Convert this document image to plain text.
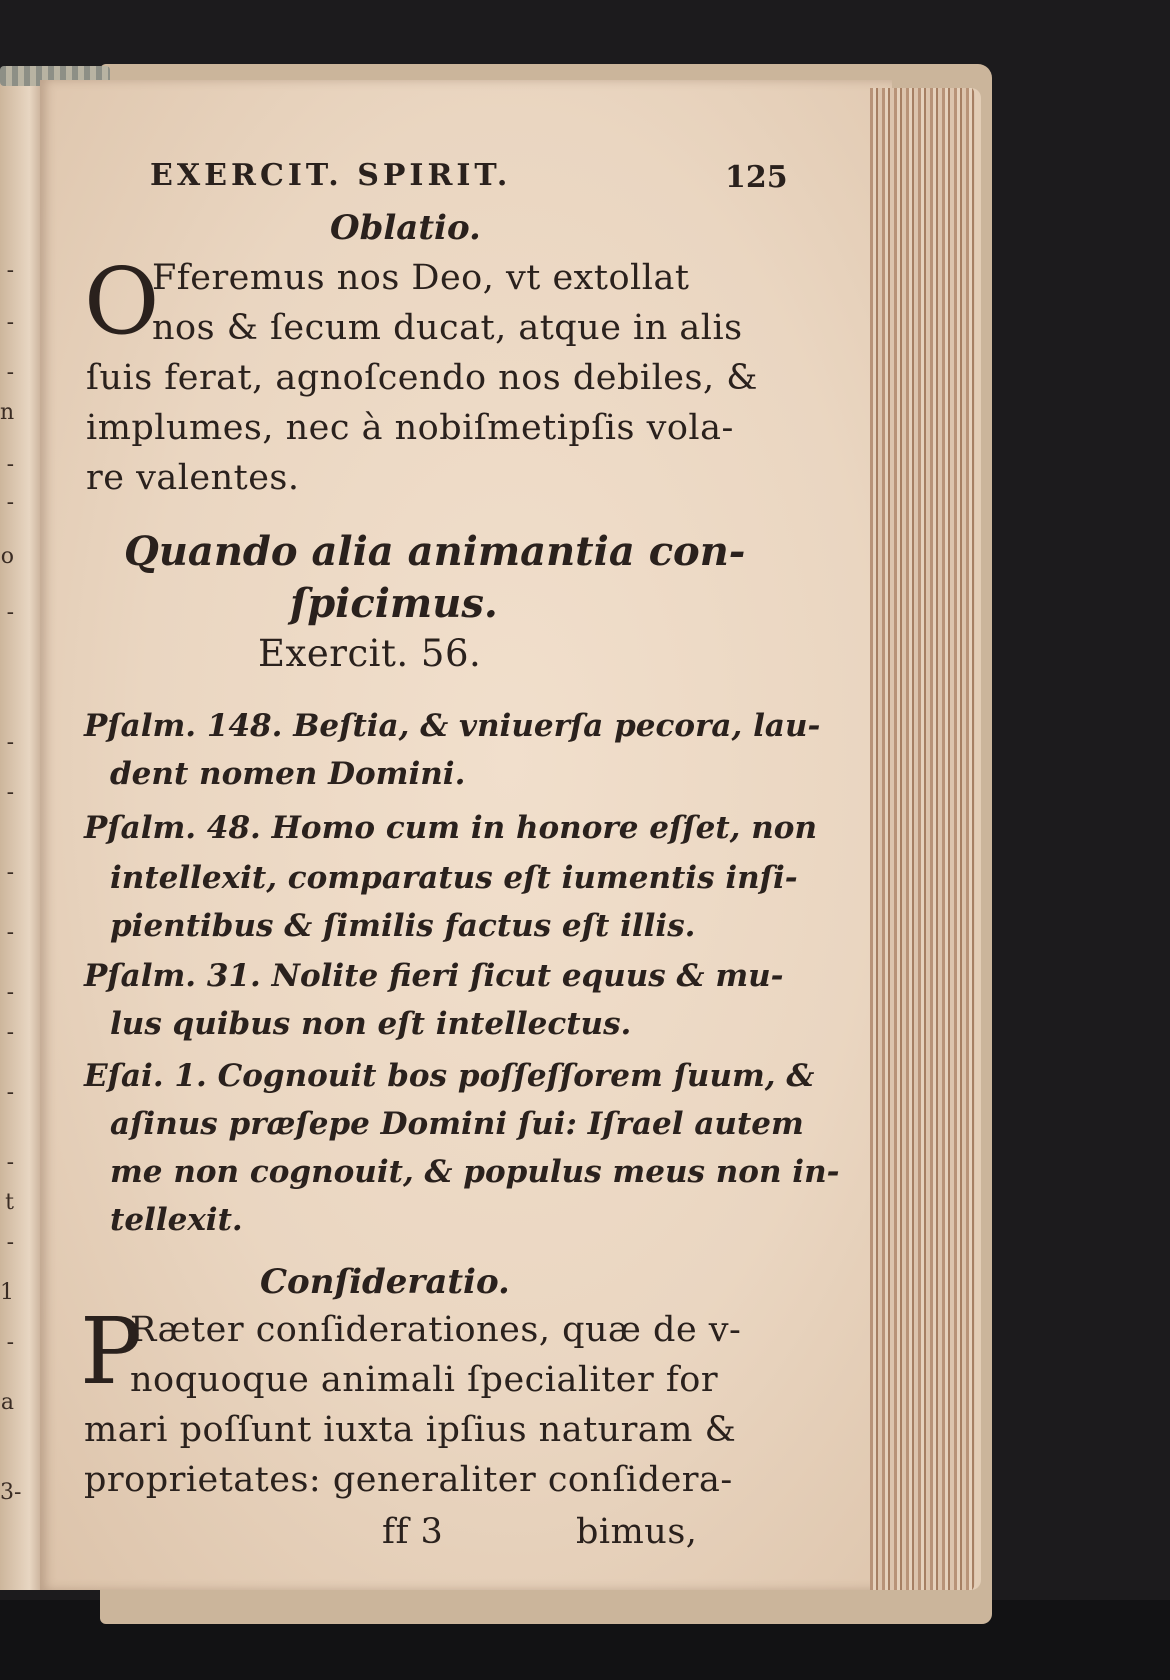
-
-
-
n
-
-
o
-
-
-
-
-
-
-
-
-
t
-
1
-
a
3-
EXERCIT. SPIRIT.	125
Oblatio.
O
Fferemus nos Deo, vt extollat
nos & ſecum ducat, atque in alis
ſuis ferat, agnoſcendo nos debiles, &
implumes, nec à nobiſmetipſis vola-
re valentes.
Quando alia animantia con-
ſpicimus.
Exercit. 56.
Pſalm. 148. Beſtia, & vniuerſa pecora, lau-
dent nomen Domini.
Pſalm. 48. Homo cum in honore eſſet, non
intellexit, comparatus eſt iumentis inſi-
pientibus & ſimilis factus eſt illis.
Pſalm. 31. Nolite fieri ſicut equus & mu-
lus quibus non eſt intellectus.
Eſai. 1. Cognouit bos poſſeſſorem ſuum, &
aſinus præſepe Domini ſui: Iſrael autem
me non cognouit, & populus meus non in-
tellexit.
Conſideratio.
P
Ræter conſiderationes, quæ de v-
noquoque animali ſpecialiter for
mari poſſunt iuxta ipſius naturam &
proprietates: generaliter conſidera-
ff 3	bimus,
